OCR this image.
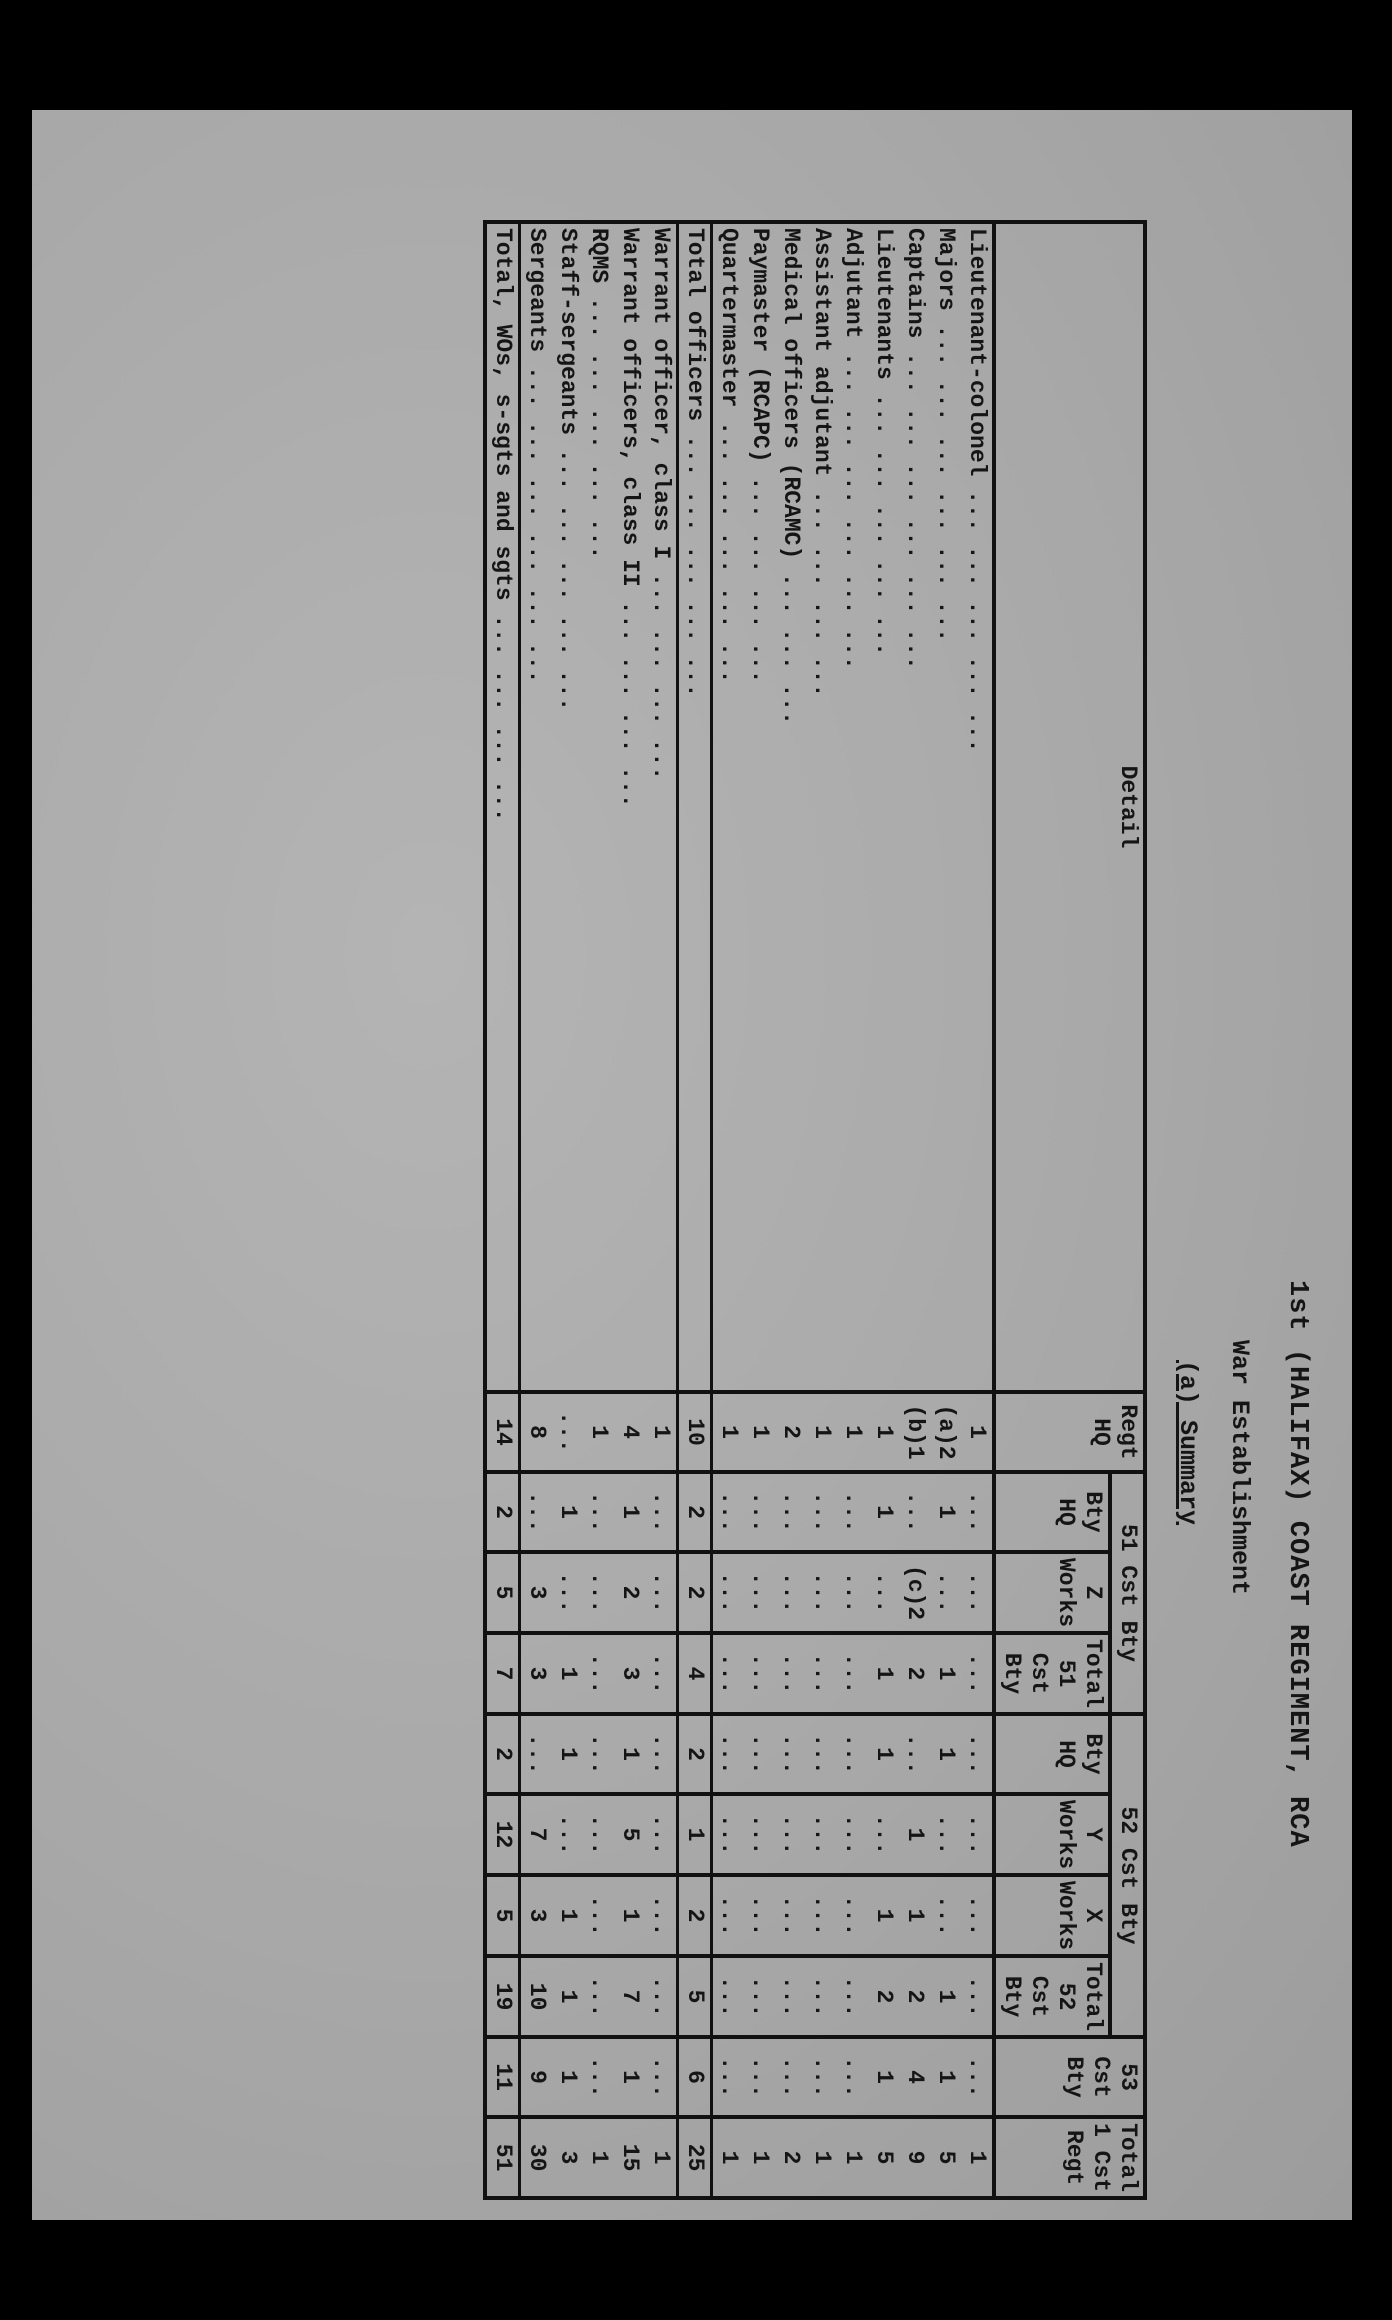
1st (HALIFAX) COAST REGIMENT, RCA
War Establishment
(a) Summary
Detail	Regt HQ	51 Cst Bty			52 Cst Bty				53 Cst Bty	Total 1 Cst Regt
		Bty HQ	Z Works	Total 51 Cst Bty	Bty HQ	Y Works	X Works	Total 52 Cst Bty		
Lieutenant-colonel ... ... ... ... ...	1	...	...	...	...	...	...	...	...	1
Majors ... ... ... ... ... ...	(a)2	1	...	1	1	...	...	1	1	5
Captains ... ... ... ... ... ...	(b)1	...	(c)2	2	...	1	1	2	4	9
Lieutenants ... ... ... ... ...	1	1	...	1	1	...	1	2	1	5
Adjutant ... ... ... ... ... ...	1	...	...	...	...	...	...	...	...	1
Assistant adjutant ... ... ... ...	1	...	...	...	...	...	...	...	...	1
Medical officers (RCAMC) ... ... ...	2	...	...	...	...	...	...	...	...	2
Paymaster (RCAPC) ... ... ... ...	1	...	...	...	...	...	...	...	...	1
Quartermaster ... ... ... ... ...	1	...	...	...	...	...	...	...	...	1
Total officers ... ... ... ... ...	10	2	2	4	2	1	2	5	6	25
Warrant officer, class I ... ... ... ...	1	...	...	...	...	...	...	...	...	1
Warrant officers, class II ... ... ... ...	4	1	2	3	1	5	1	7	1	15
RQMS ... ... ... ... ...	1	...	...	...	...	...	...	...	...	1
Staff-sergeants ... ... ... ... ...	...	1	...	1	1	...	1	1	1	3
Sergeants ... ... ... ... ... ...	8	...	3	3	...	7	3	10	9	30
Total, WOs, s-sgts and sgts ... ... ... ...	14	2	5	7	2	12	5	19	11	51
